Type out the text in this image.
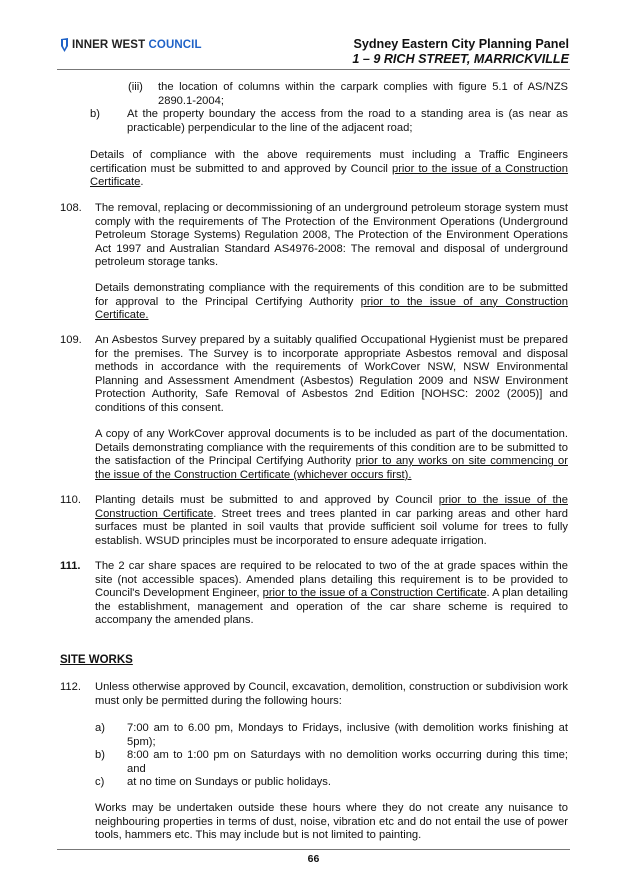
INNER WEST COUNCIL	Sydney Eastern City Planning Panel
1 – 9 RICH STREET, MARRICKVILLE
(iii) the location of columns within the carpark complies with figure 5.1 of AS/NZS 2890.1-2004;
b) At the property boundary the access from the road to a standing area is (as near as practicable) perpendicular to the line of the adjacent road;
Details of compliance with the above requirements must including a Traffic Engineers certification must be submitted to and approved by Council prior to the issue of a Construction Certificate.
108. The removal, replacing or decommissioning of an underground petroleum storage system must comply with the requirements of The Protection of the Environment Operations (Underground Petroleum Storage Systems) Regulation 2008, The Protection of the Environment Operations Act 1997 and Australian Standard AS4976-2008: The removal and disposal of underground petroleum storage tanks.
Details demonstrating compliance with the requirements of this condition are to be submitted for approval to the Principal Certifying Authority prior to the issue of any Construction Certificate.
109. An Asbestos Survey prepared by a suitably qualified Occupational Hygienist must be prepared for the premises. The Survey is to incorporate appropriate Asbestos removal and disposal methods in accordance with the requirements of WorkCover NSW, NSW Environmental Planning and Assessment Amendment (Asbestos) Regulation 2009 and NSW Environment Protection Authority, Safe Removal of Asbestos 2nd Edition [NOHSC: 2002 (2005)] and conditions of this consent.
A copy of any WorkCover approval documents is to be included as part of the documentation. Details demonstrating compliance with the requirements of this condition are to be submitted to the satisfaction of the Principal Certifying Authority prior to any works on site commencing or the issue of the Construction Certificate (whichever occurs first).
110. Planting details must be submitted to and approved by Council prior to the issue of the Construction Certificate. Street trees and trees planted in car parking areas and other hard surfaces must be planted in soil vaults that provide sufficient soil volume for trees to fully establish. WSUD principles must be incorporated to ensure adequate irrigation.
111. The 2 car share spaces are required to be relocated to two of the at grade spaces within the site (not accessible spaces). Amended plans detailing this requirement is to be provided to Council's Development Engineer, prior to the issue of a Construction Certificate. A plan detailing the establishment, management and operation of the car share scheme is required to accompany the amended plans.
SITE WORKS
112. Unless otherwise approved by Council, excavation, demolition, construction or subdivision work must only be permitted during the following hours:
a) 7:00 am to 6.00 pm, Mondays to Fridays, inclusive (with demolition works finishing at 5pm);
b) 8:00 am to 1:00 pm on Saturdays with no demolition works occurring during this time; and
c) at no time on Sundays or public holidays.
Works may be undertaken outside these hours where they do not create any nuisance to neighbouring properties in terms of dust, noise, vibration etc and do not entail the use of power tools, hammers etc. This may include but is not limited to painting.
66
